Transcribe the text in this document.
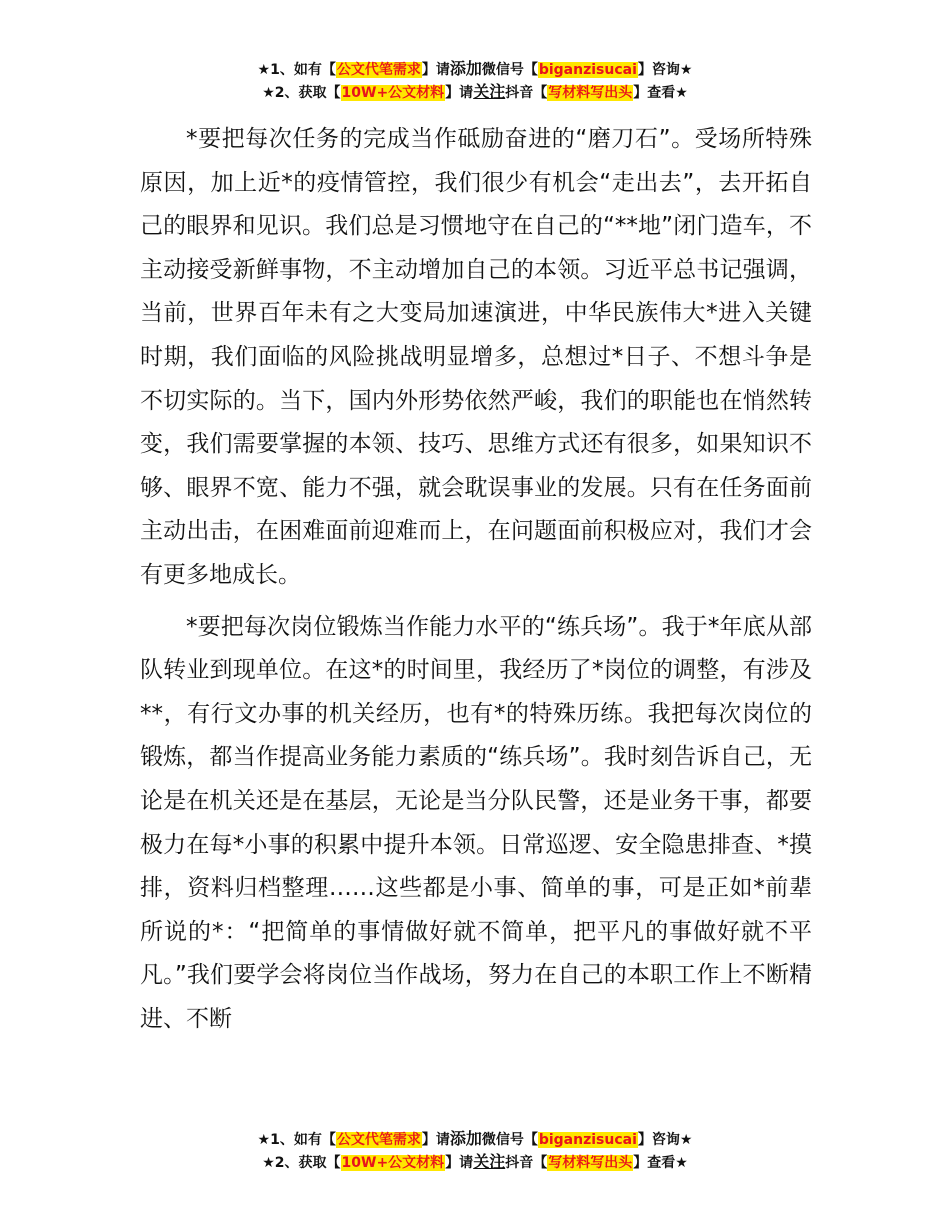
★1、如有【公文代笔需求】请添加微信号【biganzisucai】咨询★
★2、获取【10W+公文材料】请关注抖音【写材料写出头】查看★

*要把每次任务的完成当作砥励奋进的“磨刀石”。受场所特殊原因，加上近*的疫情管控，我们很少有机会“走出去”，去开拓自己的眼界和见识。我们总是习惯地守在自己的“**地”闭门造车，不主动接受新鲜事物，不主动增加自己的本领。习近平总书记强调，当前，世界百年未有之大变局加速演进，中华民族伟大*进入关键时期，我们面临的风险挑战明显增多，总想过*日子、不想斗争是不切实际的。当下，国内外形势依然严峻，我们的职能也在悄然转变，我们需要掌握的本领、技巧、思维方式还有很多，如果知识不够、眼界不宽、能力不强，就会耽误事业的发展。只有在任务面前主动出击，在困难面前迎难而上，在问题面前积极应对，我们才会有更多地成长。

*要把每次岗位锻炼当作能力水平的“练兵场”。我于*年底从部队转业到现单位。在这*的时间里，我经历了*岗位的调整，有涉及**，有行文办事的机关经历，也有*的特殊历练。我把每次岗位的锻炼，都当作提高业务能力素质的“练兵场”。我时刻告诉自己，无论是在机关还是在基层，无论是当分队民警，还是业务干事，都要极力在每*小事的积累中提升本领。日常巡逻、安全隐患排查、*摸排，资料归档整理……这些都是小事、简单的事，可是正如*前辈所说的*：“把简单的事情做好就不简单，把平凡的事做好就不平凡。”我们要学会将岗位当作战场，努力在自己的本职工作上不断精进、不断

★1、如有【公文代笔需求】请添加微信号【biganzisucai】咨询★
★2、获取【10W+公文材料】请关注抖音【写材料写出头】查看★
